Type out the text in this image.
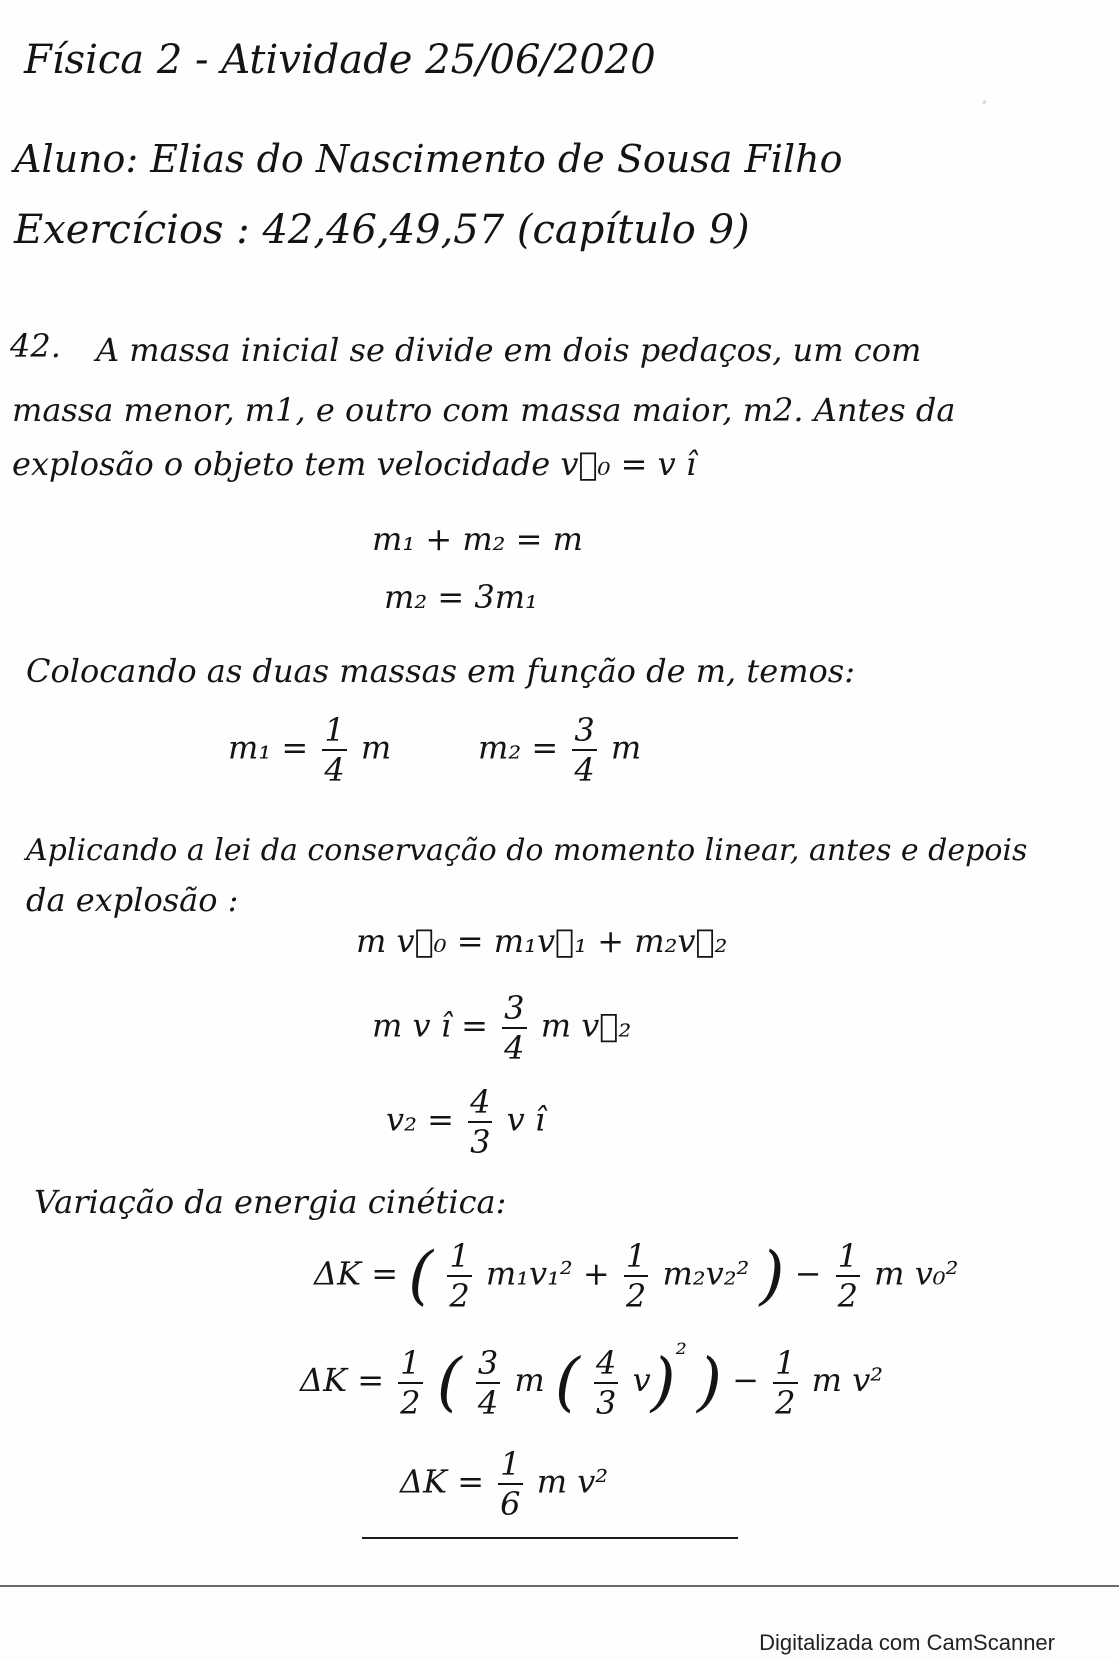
·
Física 2 - Atividade 25/06/2020
Aluno: Elias do Nascimento de Sousa Filho
Exercícios : 42,46,49,57 (capítulo 9)
42. A massa inicial se divide em dois pedaços, um com
massa menor, m1, e outro com massa maior, m2. Antes da
explosão o objeto tem velocidade v⃗₀ = v î
m₁ + m₂ = m
m₂ = 3m₁
Colocando as duas massas em função de m, temos:
$m_1 = \frac{1}{4}$ m	$m_2 = \frac{3}{4}$ m
Aplicando a lei da conservação do momento linear, antes e depois
da explosão :
m v⃗₀ = m₁v⃗₁ + m₂v⃗₂
m v î = $\frac{3}{4}$ m v⃗₂
$v_2 = \frac{4}{3}$ v î
Variação da energia cinética:
ΔK = ( $\frac{1}{2} m_1v_1^2 + \frac{1}{2} m_2v_2^2$ ) − $\frac{1}{2}$ m v₀²
$\Delta K = \frac{1}{2}$ ( $\frac{3}{4}$ m ( $\frac{4}{3} v)^{^2}$ ) − $\frac{1}{2}$ m v²
$\Delta K = \frac{1}{6}$ m v²
Digitalizada com CamScanner
